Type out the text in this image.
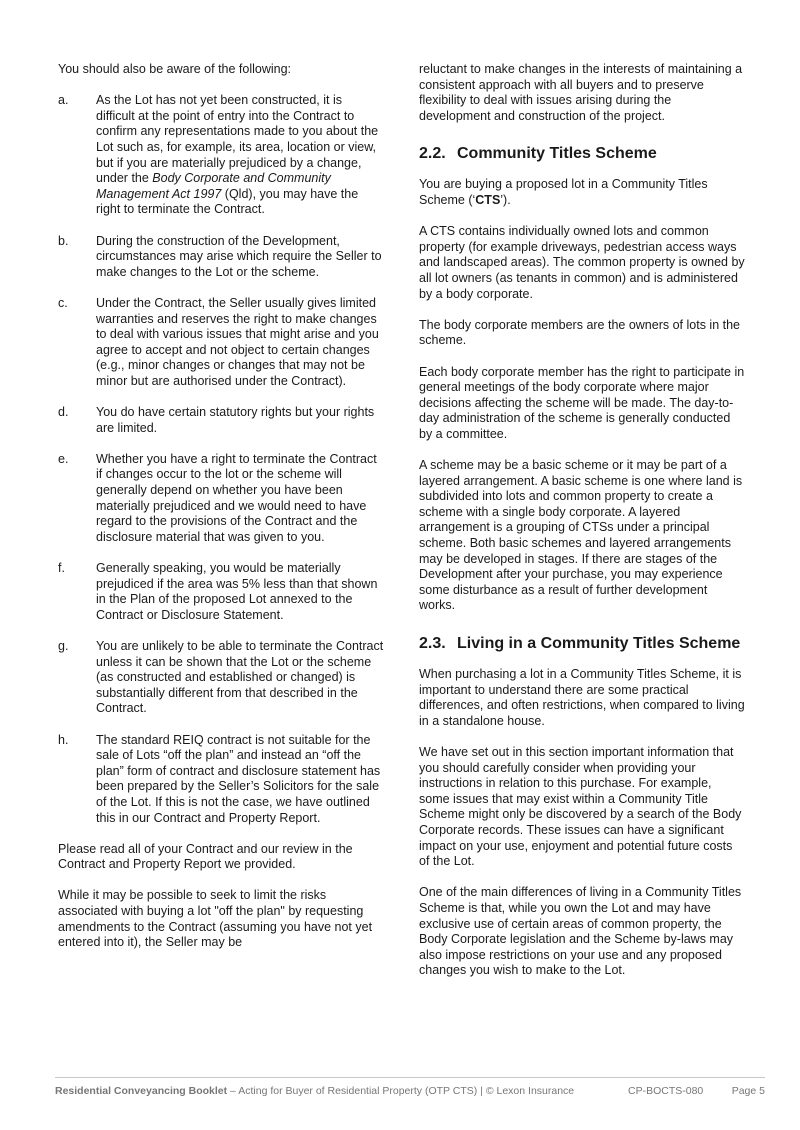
You should also be aware of the following:

a.	As the Lot has not yet been constructed, it is difficult at the point of entry into the Contract to confirm any representations made to you about the Lot such as, for example, its area, location or view, but if you are materially prejudiced by a change, under the Body Corporate and Community Management Act 1997 (Qld), you may have the right to terminate the Contract.
b.	During the construction of the Development, circumstances may arise which require the Seller to make changes to the Lot or the scheme.
c.	Under the Contract, the Seller usually gives limited warranties and reserves the right to make changes to deal with various issues that might arise and you agree to accept and not object to certain changes (e.g., minor changes or changes that may not be minor but are authorised under the Contract).
d.	You do have certain statutory rights but your rights are limited.
e.	Whether you have a right to terminate the Contract if changes occur to the lot or the scheme will generally depend on whether you have been materially prejudiced and we would need to have regard to the provisions of the Contract and the disclosure material that was given to you.
f.	Generally speaking, you would be materially prejudiced if the area was 5% less than that shown in the Plan of the proposed Lot annexed to the Contract or Disclosure Statement.
g.	You are unlikely to be able to terminate the Contract unless it can be shown that the Lot or the scheme (as constructed and established or changed) is substantially different from that described in the Contract.
h.	The standard REIQ contract is not suitable for the sale of Lots “off the plan” and instead an “off the plan” form of contract and disclosure statement has been prepared by the Seller’s Solicitors for the sale of the Lot. If this is not the case, we have outlined this in our Contract and Property Report.

Please read all of your Contract and our review in the Contract and Property Report we provided.

While it may be possible to seek to limit the risks associated with buying a lot "off the plan" by requesting amendments to the Contract (assuming you have not yet entered into it), the Seller may be

reluctant to make changes in the interests of maintaining a consistent approach with all buyers and to preserve flexibility to deal with issues arising during the development and construction of the project.

2.2. Community Titles Scheme

You are buying a proposed lot in a Community Titles Scheme (‘CTS’).

A CTS contains individually owned lots and common property (for example driveways, pedestrian access ways and landscaped areas). The common property is owned by all lot owners (as tenants in common) and is administered by a body corporate.

The body corporate members are the owners of lots in the scheme.

Each body corporate member has the right to participate in general meetings of the body corporate where major decisions affecting the scheme will be made. The day-to-day administration of the scheme is generally conducted by a committee.

A scheme may be a basic scheme or it may be part of a layered arrangement. A basic scheme is one where land is subdivided into lots and common property to create a scheme with a single body corporate. A layered arrangement is a grouping of CTSs under a principal scheme. Both basic schemes and layered arrangements may be developed in stages. If there are stages of the Development after your purchase, you may experience some disturbance as a result of further development works.

2.3. Living in a Community Titles Scheme

When purchasing a lot in a Community Titles Scheme, it is important to understand there are some practical differences, and often restrictions, when compared to living in a standalone house.

We have set out in this section important information that you should carefully consider when providing your instructions in relation to this purchase. For example, some issues that may exist within a Community Title Scheme might only be discovered by a search of the Body Corporate records. These issues can have a significant impact on your use, enjoyment and potential future costs of the Lot.

One of the main differences of living in a Community Titles Scheme is that, while you own the Lot and may have exclusive use of certain areas of common property, the Body Corporate legislation and the Scheme by-laws may also impose restrictions on your use and any proposed changes you wish to make to the Lot.

Residential Conveyancing Booklet – Acting for Buyer of Residential Property (OTP CTS) | © Lexon Insurance	CP-BOCTS-080	Page 5
